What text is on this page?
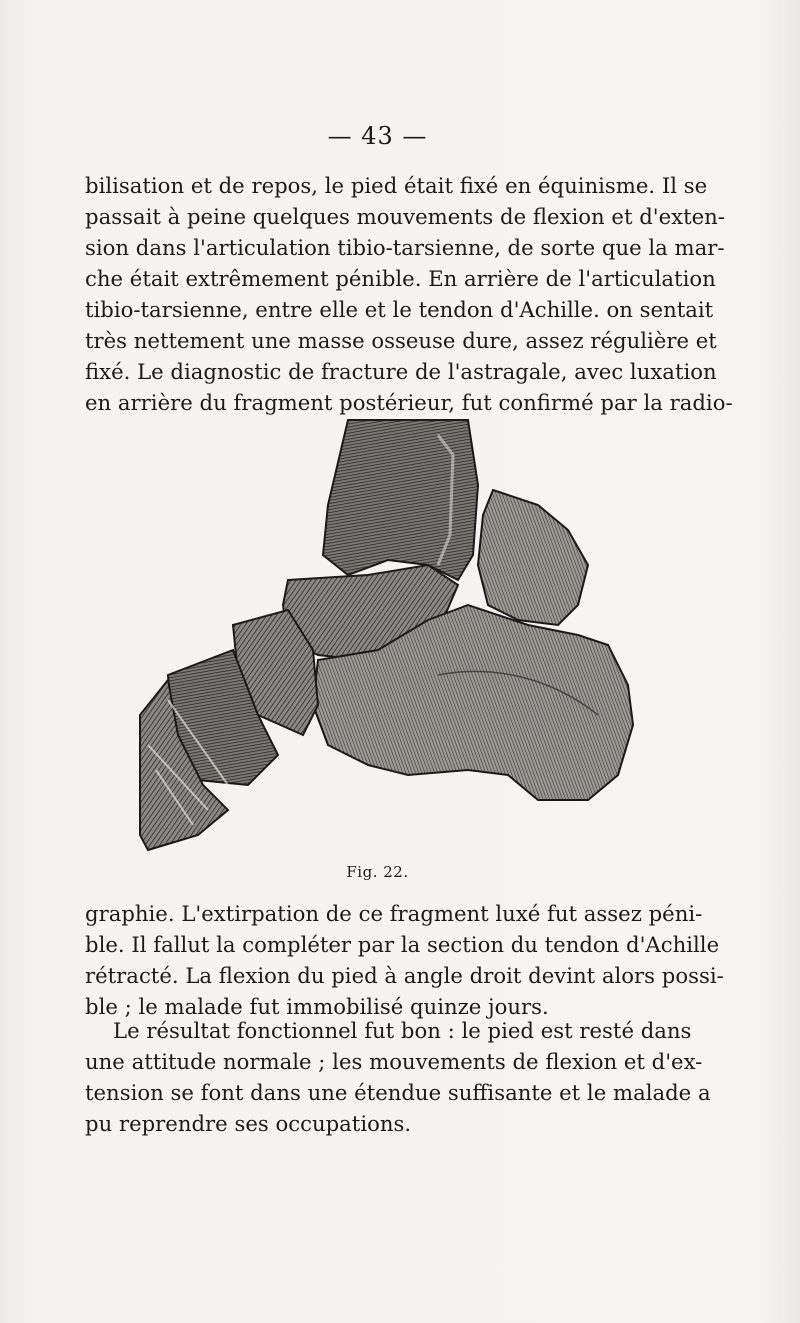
— 43 —

bilisation et de repos, le pied était fixé en équinisme. Il se
passait à peine quelques mouvements de flexion et d'exten-
sion dans l'articulation tibio-tarsienne, de sorte que la mar-
che était extrêmement pénible. En arrière de l'articulation
tibio-tarsienne, entre elle et le tendon d'Achille. on sentait
très nettement une masse osseuse dure, assez régulière et
fixé. Le diagnostic de fracture de l'astragale, avec luxation
en arrière du fragment postérieur, fut confirmé par la radio-

Fig. 22.

graphie. L'extirpation de ce fragment luxé fut assez péni-
ble. Il fallut la compléter par la section du tendon d'Achille
rétracté. La flexion du pied à angle droit devint alors possi-
ble ; le malade fut immobilisé quinze jours.

Le résultat fonctionnel fut bon : le pied est resté dans
une attitude normale ; les mouvements de flexion et d'ex-
tension se font dans une étendue suffisante et le malade a
pu reprendre ses occupations.
